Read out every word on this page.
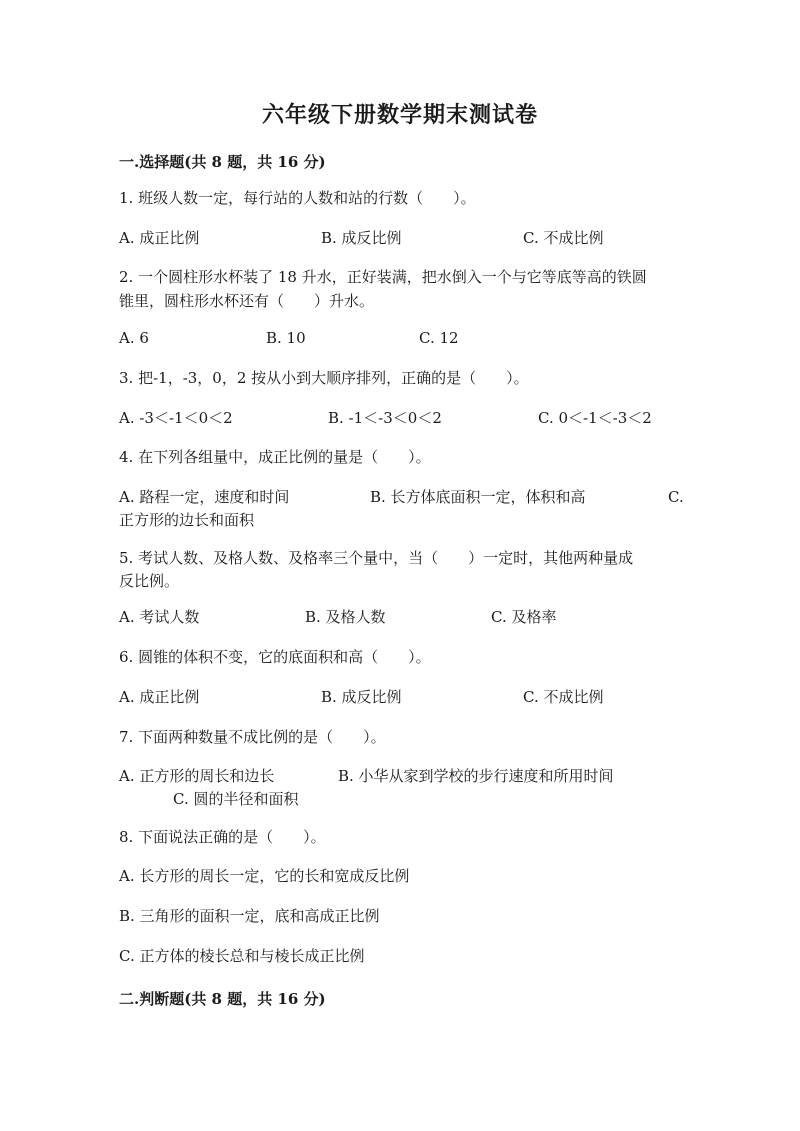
六年级下册数学期末测试卷

一.选择题(共 8 题，共 16 分)

1. 班级人数一定，每行站的人数和站的行数（　　）。

A. 成正比例	B. 成反比例	C. 不成比例

2. 一个圆柱形水杯装了 18 升水，正好装满，把水倒入一个与它等底等高的铁圆

锥里，圆柱形水杯还有（　　）升水。

A. 6	B. 10	C. 12

3. 把-1，-3，0，2 按从小到大顺序排列，正确的是（　　）。

A. -3＜-1＜0＜2	B. -1＜-3＜0＜2	C. 0＜-1＜-3＜2

4. 在下列各组量中，成正比例的量是（　　）。

A. 路程一定，速度和时间	B. 长方体底面积一定，体积和高	C.

正方形的边长和面积

5. 考试人数、及格人数、及格率三个量中，当（　　）一定时，其他两种量成

反比例。

A. 考试人数	B. 及格人数	C. 及格率

6. 圆锥的体积不变，它的底面积和高（　　）。

A. 成正比例	B. 成反比例	C. 不成比例

7. 下面两种数量不成比例的是（　　）。

A. 正方形的周长和边长	B. 小华从家到学校的步行速度和所用时间

C. 圆的半径和面积

8. 下面说法正确的是（　　）。

A. 长方形的周长一定，它的长和宽成反比例

B. 三角形的面积一定，底和高成正比例

C. 正方体的棱长总和与棱长成正比例

二.判断题(共 8 题，共 16 分)
